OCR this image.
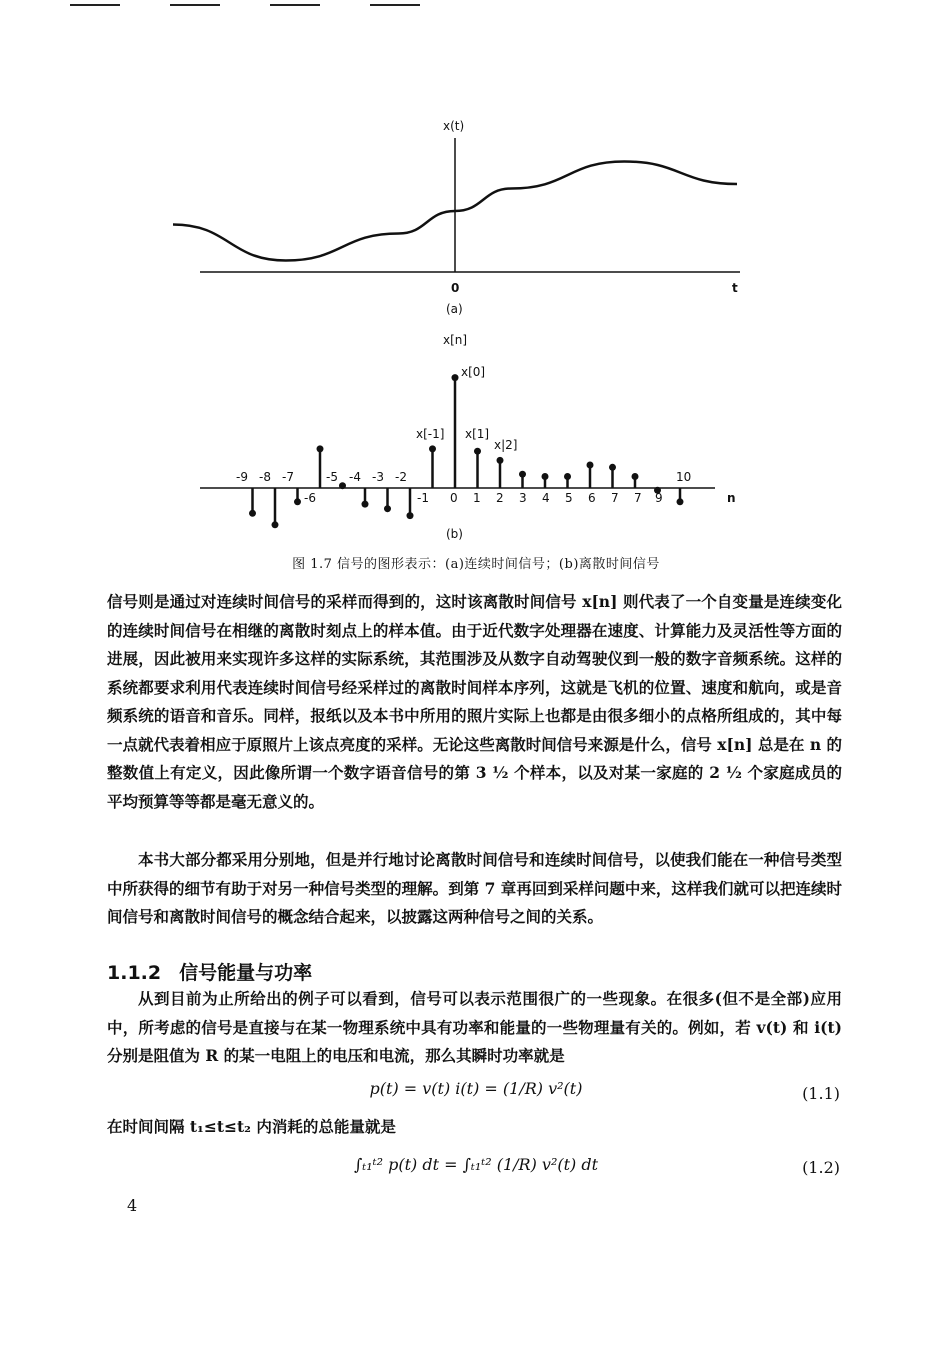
x(t)
0	t
(a)
x[n]
x[0]
x[-1] x[1]
x|2]
-9 -8 -7	-5 -4 -3 -2	10
-6	-1 0 1 2 3 4 5 6 7 7 9	n
(b)
图 1.7 信号的图形表示：(a)连续时间信号；(b)离散时间信号

信号则是通过对连续时间信号的采样而得到的，这时该离散时间信号 x[n] 则代表了一个自变量是连续变化的连续时间信号在相继的离散时刻点上的样本值。由于近代数字处理器在速度、计算能力及灵活性等方面的进展，因此被用来实现许多这样的实际系统，其范围涉及从数字自动驾驶仪到一般的数字音频系统。这样的系统都要求利用代表连续时间信号经采样过的离散时间样本序列，这就是飞机的位置、速度和航向，或是音频系统的语音和音乐。同样，报纸以及本书中所用的照片实际上也都是由很多细小的点格所组成的，其中每一点就代表着相应于原照片上该点亮度的采样。无论这些离散时间信号来源是什么，信号 x[n] 总是在 n 的整数值上有定义，因此像所谓一个数字语音信号的第 3 ½ 个样本，以及对某一家庭的 2 ½ 个家庭成员的平均预算等等都是毫无意义的。

本书大部分都采用分别地，但是并行地讨论离散时间信号和连续时间信号，以使我们能在一种信号类型中所获得的细节有助于对另一种信号类型的理解。到第 7 章再回到采样问题中来，这样我们就可以把连续时间信号和离散时间信号的概念结合起来，以披露这两种信号之间的关系。

1.1.2 信号能量与功率

从到目前为止所给出的例子可以看到，信号可以表示范围很广的一些现象。在很多(但不是全部)应用中，所考虑的信号是直接与在某一物理系统中具有功率和能量的一些物理量有关的。例如，若 v(t) 和 i(t) 分别是阻值为 R 的某一电阻上的电压和电流，那么其瞬时功率就是

p(t) = v(t) i(t) = (1/R) v²(t)	(1.1)

在时间间隔 t₁≤t≤t₂ 内消耗的总能量就是

∫ₜ₁ᵗ² p(t) dt = ∫ₜ₁ᵗ² (1/R) v²(t) dt	(1.2)
4
